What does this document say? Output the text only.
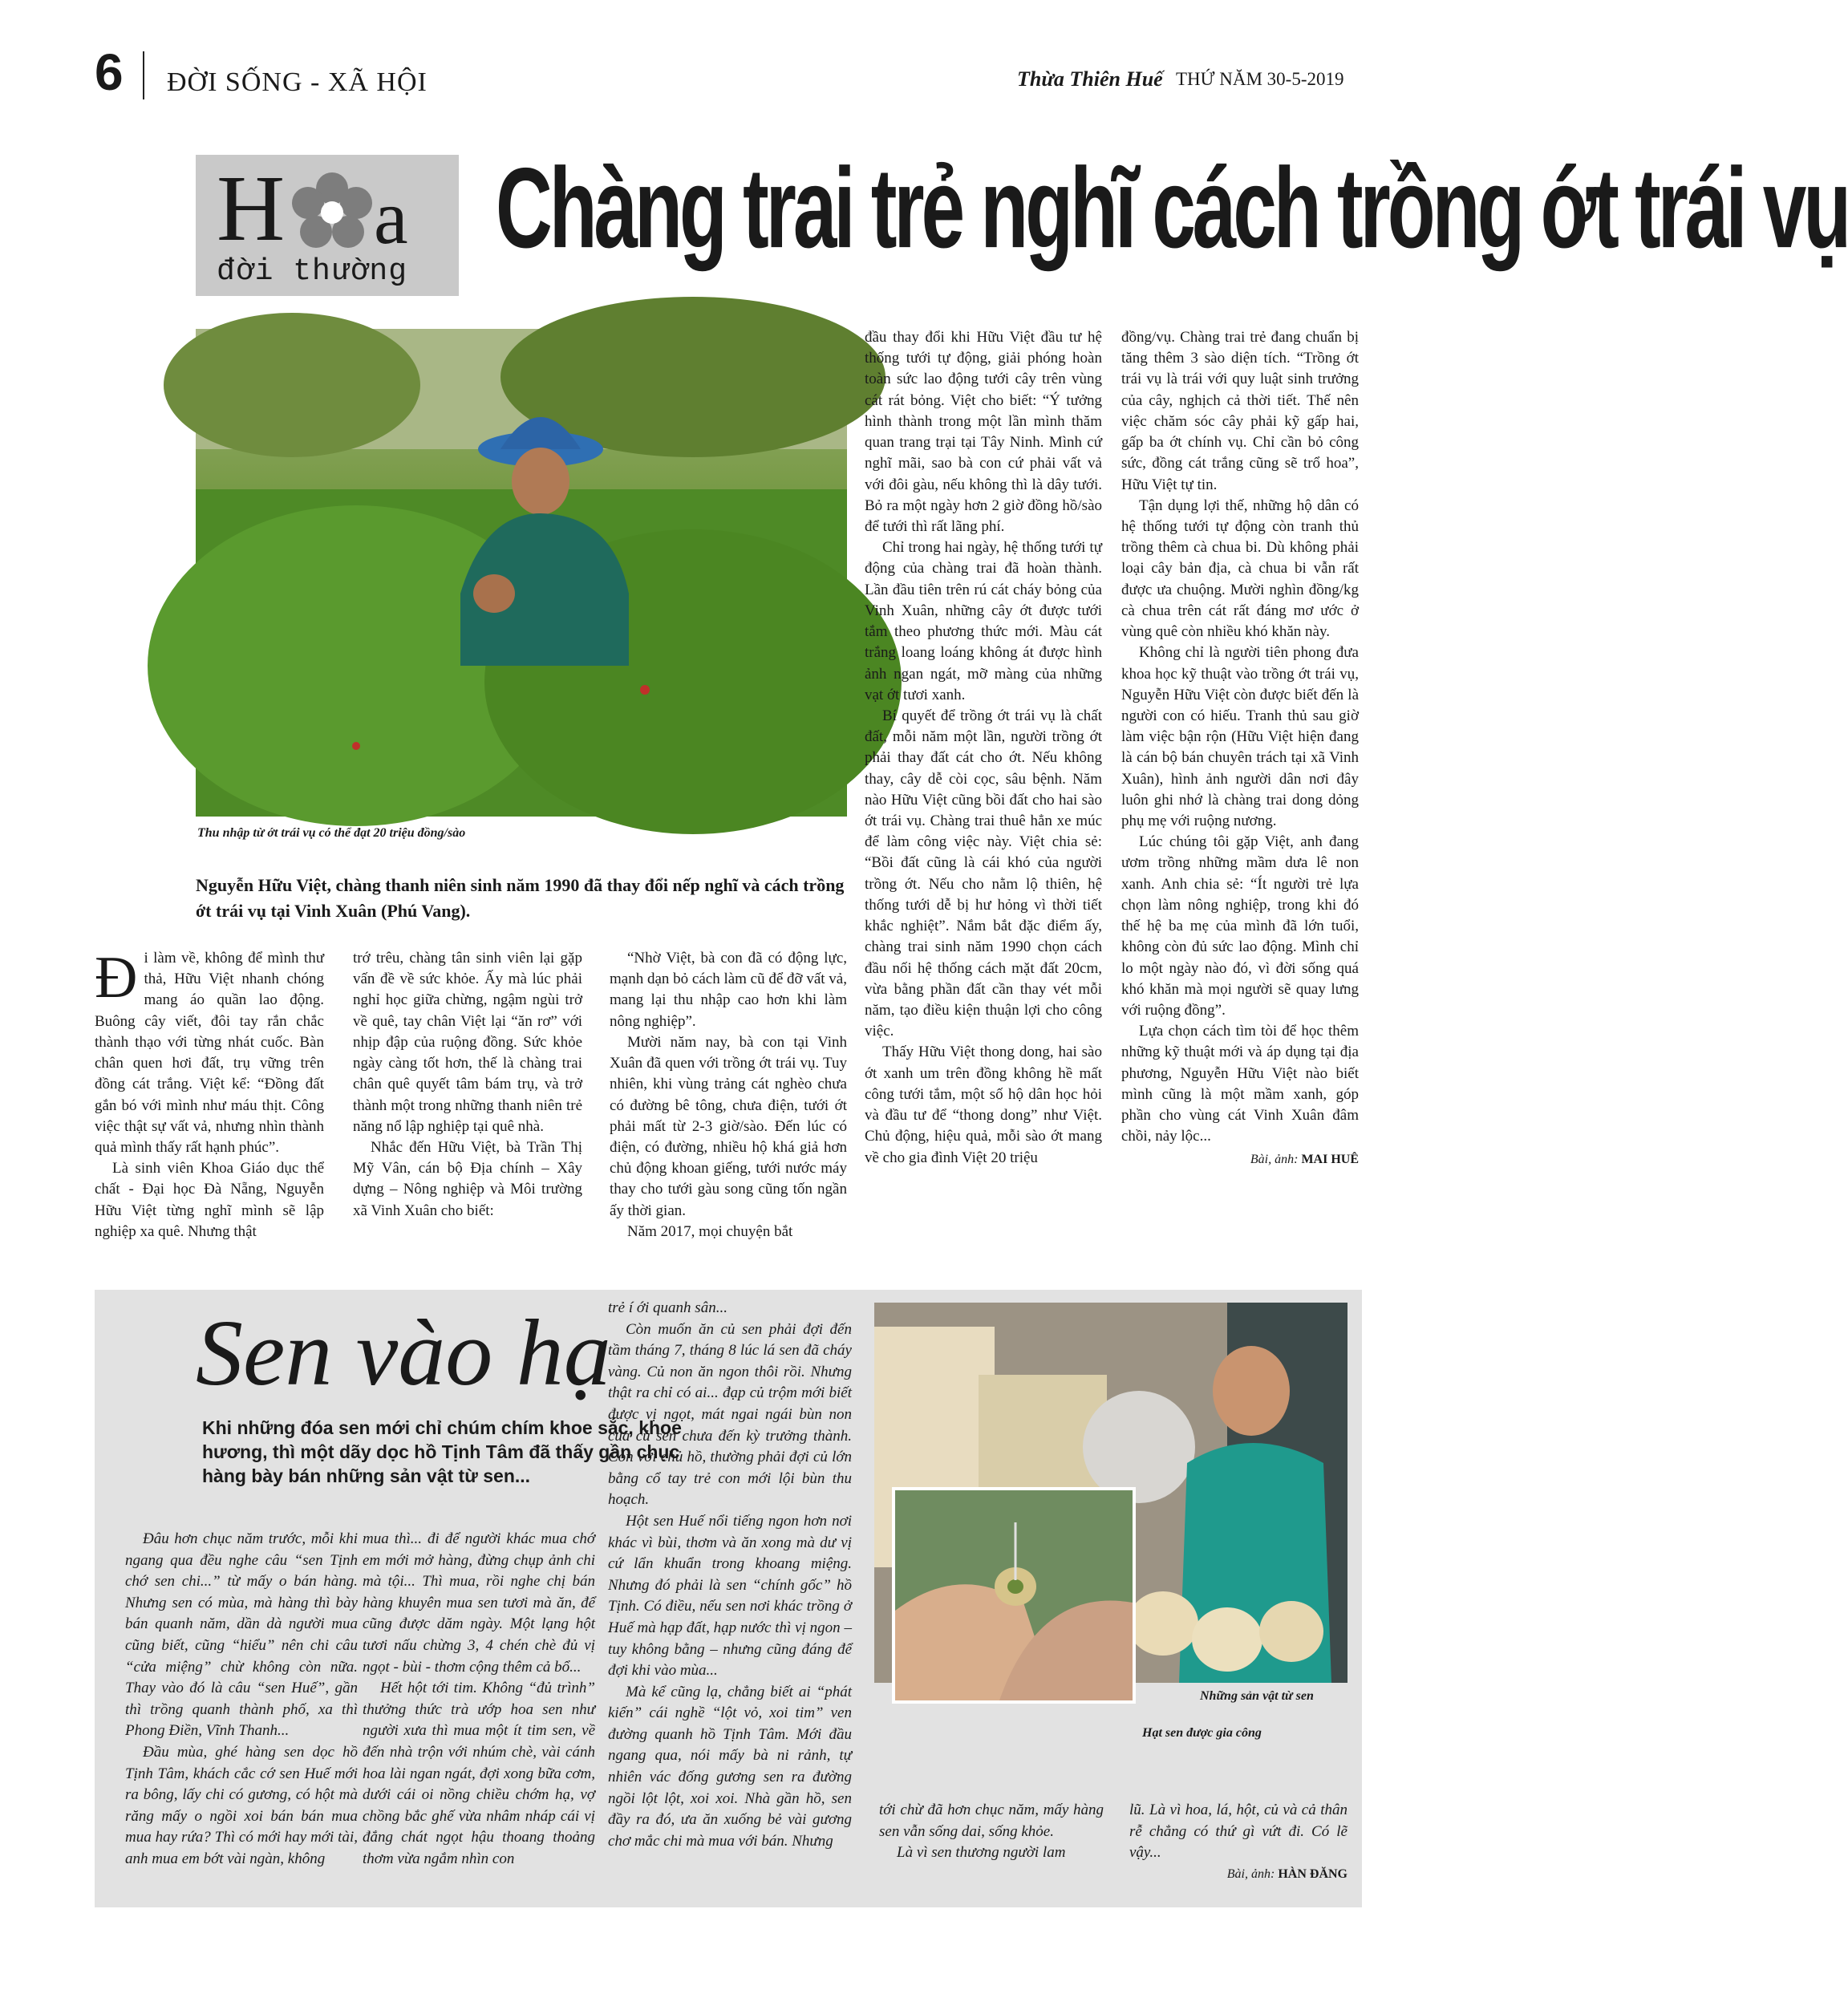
6 ĐỜI SỐNG - XÃ HỘI	Thừa Thiên Huế THỨ NĂM 30-5-2019
H a
đời thường Chàng trai trẻ nghĩ cách trồng ớt trái vụ
Thu nhập từ ớt trái vụ có thể đạt 20 triệu đồng/sào
Nguyễn Hữu Việt, chàng thanh niên sinh năm 1990 đã thay đổi nếp nghĩ và cách trồng ớt trái vụ tại Vinh Xuân (Phú Vang).

Đi làm về, không để mình thư thả, Hữu Việt nhanh chóng mang áo quần lao động. Buông cây viết, đôi tay rắn chắc thành thạo với từng nhát cuốc. Bàn chân quen hơi đất, trụ vững trên đồng cát trắng. Việt kể: “Đồng đất gắn bó với mình như máu thịt. Công việc thật sự vất vả, nhưng nhìn thành quả mình thấy rất hạnh phúc”.

Là sinh viên Khoa Giáo dục thể chất - Đại học Đà Nẵng, Nguyễn Hữu Việt từng nghĩ mình sẽ lập nghiệp xa quê. Nhưng thật

trớ trêu, chàng tân sinh viên lại gặp vấn đề về sức khỏe. Ấy mà lúc phải nghỉ học giữa chừng, ngậm ngùi trở về quê, tay chân Việt lại “ăn rơ” với nhịp đập của ruộng đồng. Sức khỏe ngày càng tốt hơn, thế là chàng trai chân quê quyết tâm bám trụ, và trở thành một trong những thanh niên trẻ năng nổ lập nghiệp tại quê nhà.

Nhắc đến Hữu Việt, bà Trần Thị Mỹ Vân, cán bộ Địa chính – Xây dựng – Nông nghiệp và Môi trường xã Vinh Xuân cho biết:

“Nhờ Việt, bà con đã có động lực, mạnh dạn bỏ cách làm cũ để đỡ vất vả, mang lại thu nhập cao hơn khi làm nông nghiệp”.

Mười năm nay, bà con tại Vinh Xuân đã quen với trồng ớt trái vụ. Tuy nhiên, khi vùng trảng cát nghèo chưa có đường bê tông, chưa điện, tưới ớt phải mất từ 2-3 giờ/sào. Đến lúc có điện, có đường, nhiều hộ khá giả hơn chủ động khoan giếng, tưới nước máy thay cho tưới gàu song cũng tốn ngần ấy thời gian.

Năm 2017, mọi chuyện bắt

đầu thay đổi khi Hữu Việt đầu tư hệ thống tưới tự động, giải phóng hoàn toàn sức lao động tưới cây trên vùng cát rát bỏng. Việt cho biết: “Ý tưởng hình thành trong một lần mình thăm quan trang trại tại Tây Ninh. Mình cứ nghĩ mãi, sao bà con cứ phải vất vả với đôi gàu, nếu không thì là dây tưới. Bỏ ra một ngày hơn 2 giờ đồng hồ/sào để tưới thì rất lãng phí.

Chỉ trong hai ngày, hệ thống tưới tự động của chàng trai đã hoàn thành. Lần đầu tiên trên rú cát cháy bỏng của Vinh Xuân, những cây ớt được tưới tắm theo phương thức mới. Màu cát trắng loang loáng không át được hình ảnh ngan ngát, mỡ màng của những vạt ớt tươi xanh.

Bí quyết để trồng ớt trái vụ là chất đất, mỗi năm một lần, người trồng ớt phải thay đất cát cho ớt. Nếu không thay, cây dễ còi cọc, sâu bệnh. Năm nào Hữu Việt cũng bồi đất cho hai sào ớt trái vụ. Chàng trai thuê hẳn xe múc để làm công việc này. Việt chia sẻ: “Bồi đất cũng là cái khó của người trồng ớt. Nếu cho nằm lộ thiên, hệ thống tưới dễ bị hư hỏng vì thời tiết khắc nghiệt”. Nắm bắt đặc điểm ấy, chàng trai sinh năm 1990 chọn cách đầu nối hệ thống cách mặt đất 20cm, vừa bằng phần đất cần thay vét mỗi năm, tạo điều kiện thuận lợi cho công việc.

Thấy Hữu Việt thong dong, hai sào ớt xanh um trên đồng không hề mất công tưới tắm, một số hộ dân học hỏi và đầu tư để “thong dong” như Việt. Chủ động, hiệu quả, mỗi sào ớt mang về cho gia đình Việt 20 triệu

đồng/vụ. Chàng trai trẻ đang chuẩn bị tăng thêm 3 sào diện tích. “Trồng ớt trái vụ là trái với quy luật sinh trưởng của cây, nghịch cả thời tiết. Thế nên việc chăm sóc cây phải kỹ gấp hai, gấp ba ớt chính vụ. Chỉ cần bỏ công sức, đồng cát trắng cũng sẽ trổ hoa”, Hữu Việt tự tin.

Tận dụng lợi thế, những hộ dân có hệ thống tưới tự động còn tranh thủ trồng thêm cà chua bi. Dù không phải loại cây bản địa, cà chua bi vẫn rất được ưa chuộng. Mười nghìn đồng/kg cà chua trên cát rất đáng mơ ước ở vùng quê còn nhiều khó khăn này.

Không chỉ là người tiên phong đưa khoa học kỹ thuật vào trồng ớt trái vụ, Nguyễn Hữu Việt còn được biết đến là người con có hiếu. Tranh thủ sau giờ làm việc bận rộn (Hữu Việt hiện đang là cán bộ bán chuyên trách tại xã Vinh Xuân), hình ảnh người dân nơi đây luôn ghi nhớ là chàng trai dong dỏng phụ mẹ với ruộng nương.

Lúc chúng tôi gặp Việt, anh đang ươm trồng những mầm dưa lê non xanh. Anh chia sẻ: “Ít người trẻ lựa chọn làm nông nghiệp, trong khi đó thế hệ ba mẹ của mình đã lớn tuổi, không còn đủ sức lao động. Mình chỉ lo một ngày nào đó, vì đời sống quá khó khăn mà mọi người sẽ quay lưng với ruộng đồng”.

Lựa chọn cách tìm tòi để học thêm những kỹ thuật mới và áp dụng tại địa phương, Nguyễn Hữu Việt nào biết mình cũng là một mầm xanh, góp phần cho vùng cát Vinh Xuân đâm chồi, nảy lộc...

Bài, ảnh: MAI HUÊ
Sen vào hạ
Khi những đóa sen mới chỉ chúm chím khoe sắc, khoe hương, thì một dãy dọc hồ Tịnh Tâm đã thấy gần chục hàng bày bán những sản vật từ sen...

Đâu hơn chục năm trước, mỗi khi ngang qua đều nghe câu “sen Tịnh chớ sen chi...” từ mấy o bán hàng. Nhưng sen có mùa, mà hàng thì bày bán quanh năm, dần dà người mua cũng biết, cũng “hiểu” nên chi câu “cửa miệng” chừ không còn nữa. Thay vào đó là câu “sen Huế”, gần thì trồng quanh thành phố, xa thì Phong Điền, Vĩnh Thanh...

Đầu mùa, ghé hàng sen dọc hồ Tịnh Tâm, khách cắc cớ sen Huế mới ra bông, lấy chi có gương, có hột mà răng mấy o ngồi xoi bán bán mua mua hay rứa? Thì có mới hay mới tài, anh mua em bớt vài ngàn, không

mua thì... đi để người khác mua chớ em mới mở hàng, đừng chụp ảnh chi mà tội... Thì mua, rồi nghe chị bán hàng khuyên mua sen tươi mà ăn, để cũng được dăm ngày. Một lạng hột tươi nấu chừng 3, 4 chén chè đủ vị ngọt - bùi - thơm cộng thêm cả bổ...

Hết hột tới tim. Không “đủ trình” thưởng thức trà ướp hoa sen như người xưa thì mua một ít tim sen, về đến nhà trộn với nhúm chè, vài cánh hoa lài ngan ngát, đợi xong bữa cơm, dưới cái oi nồng chiều chớm hạ, vợ chồng bắc ghế vừa nhâm nháp cái vị đắng chát ngọt hậu thoang thoảng thơm vừa ngắm nhìn con

trẻ í ới quanh sân...

Còn muốn ăn củ sen phải đợi đến tầm tháng 7, tháng 8 lúc lá sen đã cháy vàng. Củ non ăn ngon thôi rồi. Nhưng thật ra chỉ có ai... đạp củ trộm mới biết được vị ngọt, mát ngai ngái bùn non của củ sen chưa đến kỳ trưởng thành. Còn với chủ hồ, thường phải đợi củ lớn bằng cổ tay trẻ con mới lội bùn thu hoạch.

Hột sen Huế nổi tiếng ngon hơn nơi khác vì bùi, thơm và ăn xong mà dư vị cứ lẩn khuẩn trong khoang miệng. Nhưng đó phải là sen “chính gốc” hồ Tịnh. Có điều, nếu sen nơi khác trồng ở Huế mà hạp đất, hạp nước thì vị ngon – tuy không bằng – nhưng cũng đáng để đợi khi vào mùa...

Mà kể cũng lạ, chẳng biết ai “phát kiến” cái nghề “lột vỏ, xoi tim” ven đường quanh hồ Tịnh Tâm. Mới đầu ngang qua, nói mấy bà ni rảnh, tự nhiên vác đống gương sen ra đường ngồi lột lột, xoi xoi. Nhà gần hồ, sen đầy ra đó, ưa ăn xuống bẻ vài gương chơ mắc chi mà mua với bán. Nhưng

Những sản vật từ sen
Hạt sen được gia công

tới chừ đã hơn chục năm, mấy hàng sen vẫn sống dai, sống khỏe.

Là vì sen thương người lam

lũ. Là vì hoa, lá, hột, củ và cả thân rễ chẳng có thứ gì vứt đi. Có lẽ vậy...

Bài, ảnh: HÀN ĐĂNG
